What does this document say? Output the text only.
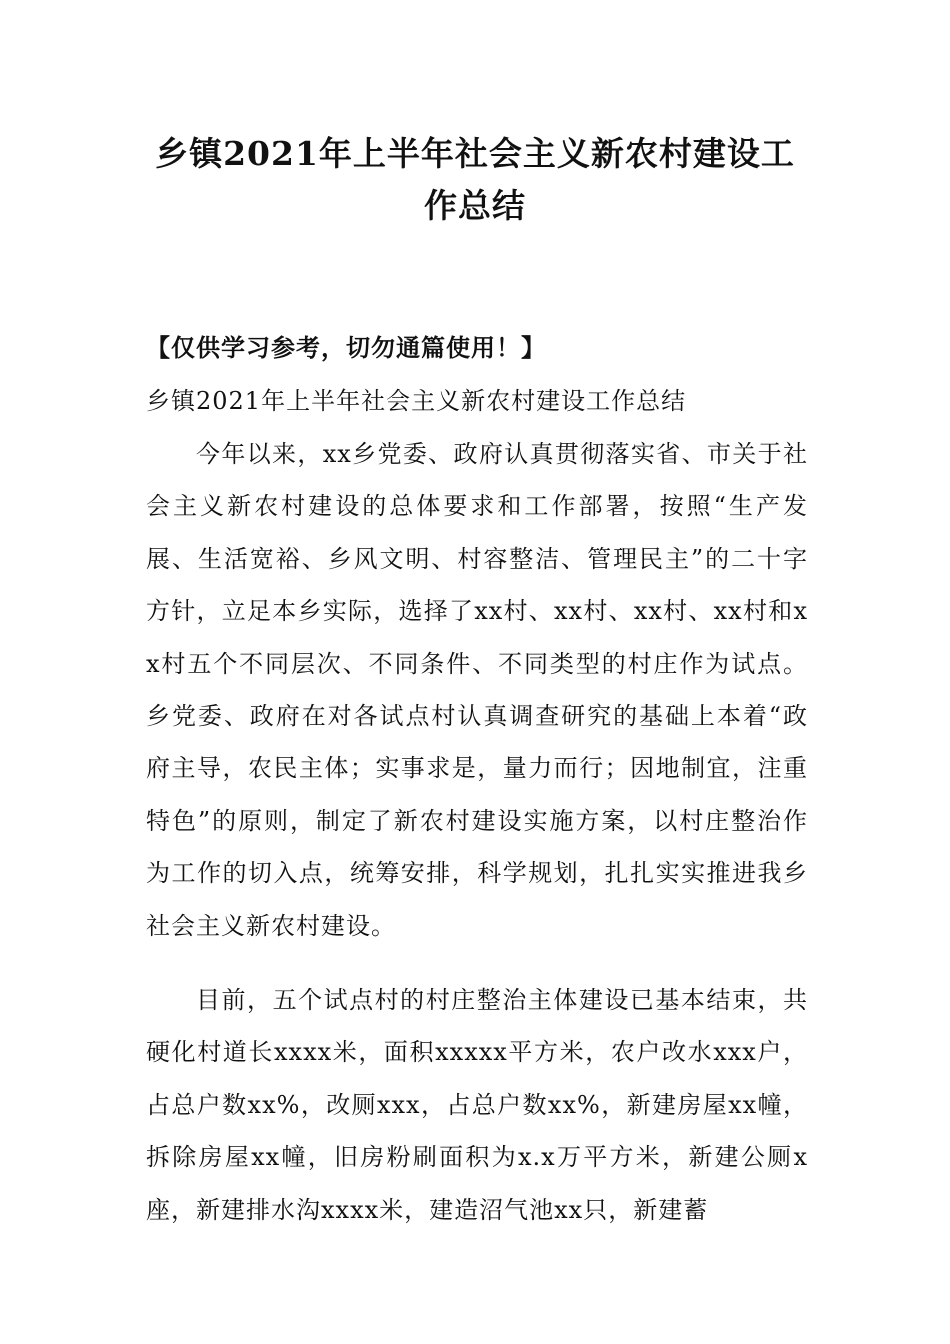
乡镇2021年上半年社会主义新农村建设工作总结
【仅供学习参考，切勿通篇使用！】
乡镇2021年上半年社会主义新农村建设工作总结
今年以来，xx乡党委、政府认真贯彻落实省、市关于社会主义新农村建设的总体要求和工作部署，按照“生产发展、生活宽裕、乡风文明、村容整洁、管理民主”的二十字方针，立足本乡实际，选择了xx村、xx村、xx村、xx村和xx村五个不同层次、不同条件、不同类型的村庄作为试点。乡党委、政府在对各试点村认真调查研究的基础上本着“政府主导，农民主体；实事求是，量力而行；因地制宜，注重特色”的原则，制定了新农村建设实施方案，以村庄整治作为工作的切入点，统筹安排，科学规划，扎扎实实推进我乡社会主义新农村建设。
目前，五个试点村的村庄整治主体建设已基本结束，共硬化村道长xxxx米，面积xxxxx平方米，农户改水xxx户，占总户数xx%，改厕xxx，占总户数xx%，新建房屋xx幢，拆除房屋xx幢，旧房粉刷面积为x.x万平方米，新建公厕x座，新建排水沟xxxx米，建造沼气池xx只，新建蓄
